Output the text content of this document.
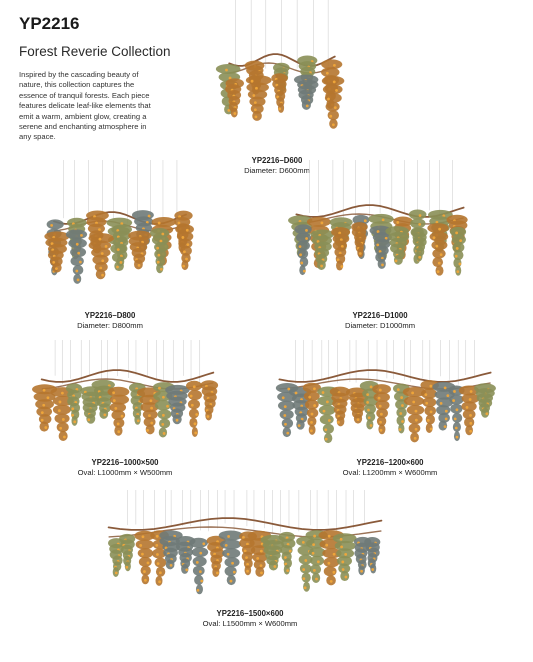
YP2216
Forest Reverie Collection
Inspired by the cascading beauty of nature, this collection captures the essence of tranquil forests. Each piece features delicate leaf-like elements that emit a warm, ambient glow, creating a serene and enchanting atmosphere in any space.
YP2216–D600
Diameter: D600mm
YP2216–D800
Diameter: D800mm
YP2216–D1000
Diameter: D1000mm
YP2216–1000×500
Oval: L1000mm × W500mm
YP2216–1200×600
Oval: L1200mm × W600mm
YP2216–1500×600
Oval: L1500mm × W600mm
